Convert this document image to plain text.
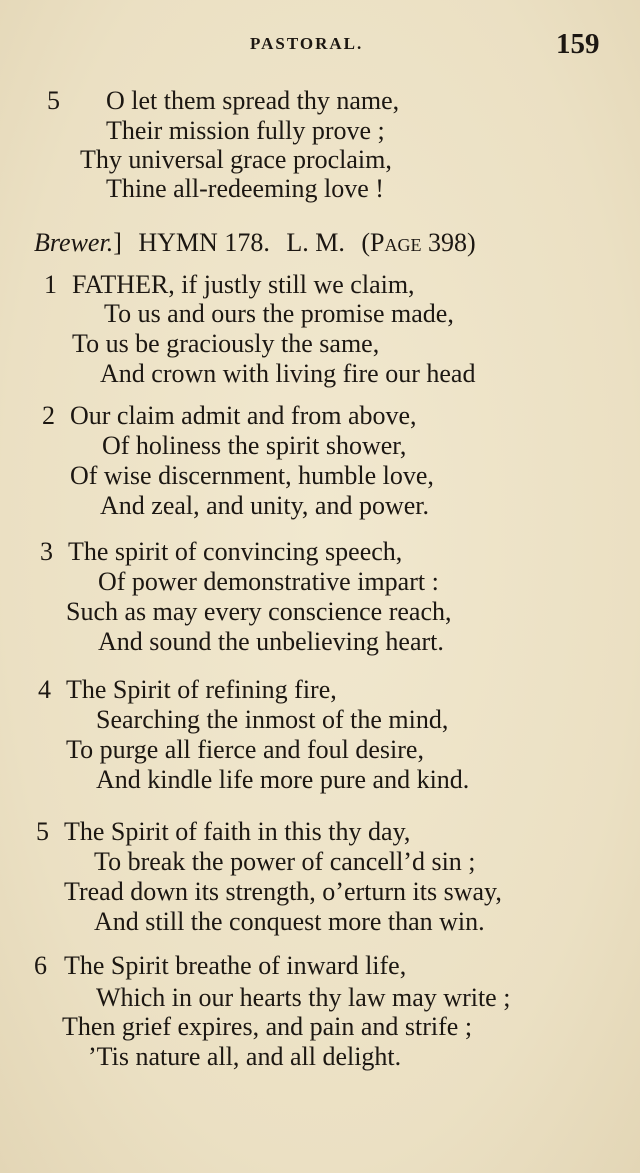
PASTORAL.	159
5 O let them spread thy name,
Their mission fully prove ;
Thy universal grace proclaim,
Thine all-redeeming love !
Brewer.] HYMN 178. L. M. (Page 398)
1 FATHER, if justly still we claim,
To us and ours the promise made,
To us be graciously the same,
And crown with living fire our head
2 Our claim admit and from above,
Of holiness the spirit shower,
Of wise discernment, humble love,
And zeal, and unity, and power.
3 The spirit of convincing speech,
Of power demonstrative impart :
Such as may every conscience reach,
And sound the unbelieving heart.
4 The Spirit of refining fire,
Searching the inmost of the mind,
To purge all fierce and foul desire,
And kindle life more pure and kind.
5 The Spirit of faith in this thy day,
To break the power of cancell’d sin ;
Tread down its strength, o’erturn its sway,
And still the conquest more than win.
6 The Spirit breathe of inward life,
Which in our hearts thy law may write ;
Then grief expires, and pain and strife ;
’Tis nature all, and all delight.
